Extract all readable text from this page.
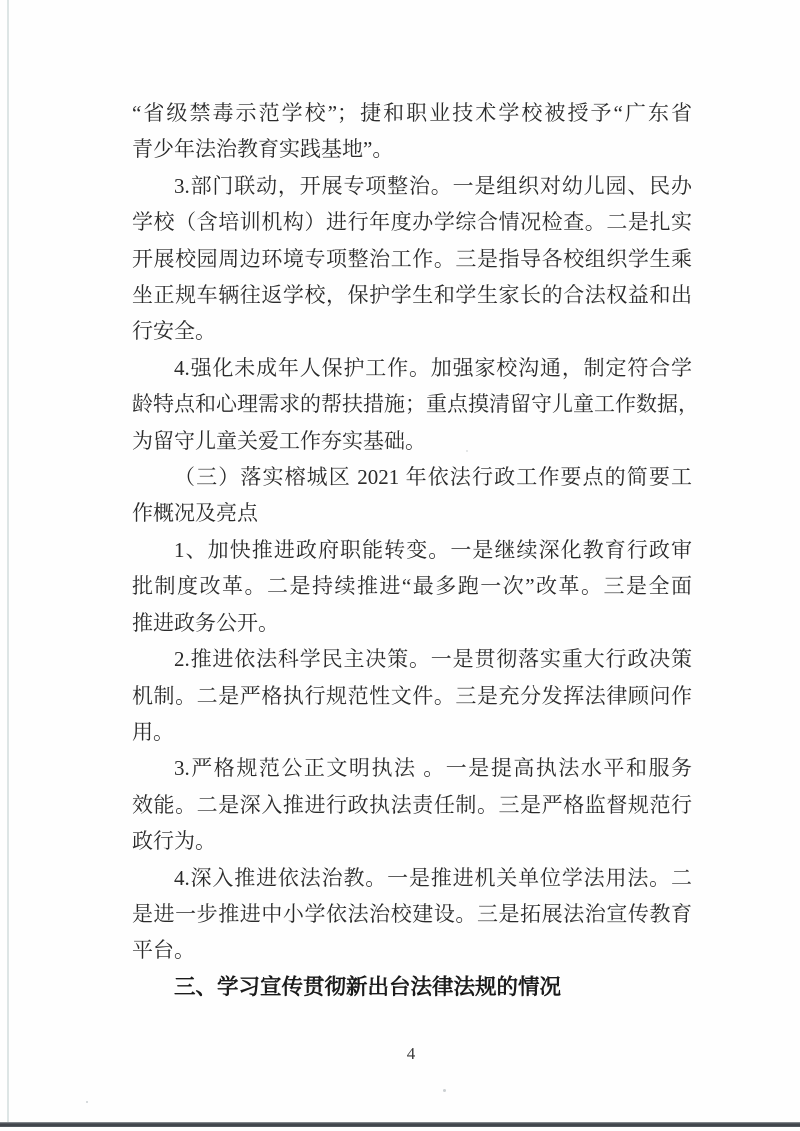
“省级禁毒示范学校”；捷和职业技术学校被授予“广东省
青少年法治教育实践基地”。
3.部门联动，开展专项整治。一是组织对幼儿园、民办
学校（含培训机构）进行年度办学综合情况检查。二是扎实
开展校园周边环境专项整治工作。三是指导各校组织学生乘
坐正规车辆往返学校，保护学生和学生家长的合法权益和出
行安全。
4.强化未成年人保护工作。加强家校沟通，制定符合学
龄特点和心理需求的帮扶措施；重点摸清留守儿童工作数据，
为留守儿童关爱工作夯实基础。
（三）落实榕城区 2021 年依法行政工作要点的简要工
作概况及亮点
1、加快推进政府职能转变。一是继续深化教育行政审
批制度改革。二是持续推进“最多跑一次”改革。三是全面
推进政务公开。
2.推进依法科学民主决策。一是贯彻落实重大行政决策
机制。二是严格执行规范性文件。三是充分发挥法律顾问作
用。
3.严格规范公正文明执法 。一是提高执法水平和服务
效能。二是深入推进行政执法责任制。三是严格监督规范行
政行为。
4.深入推进依法治教。一是推进机关单位学法用法。二
是进一步推进中小学依法治校建设。三是拓展法治宣传教育
平台。
三、学习宣传贯彻新出台法律法规的情况
4
